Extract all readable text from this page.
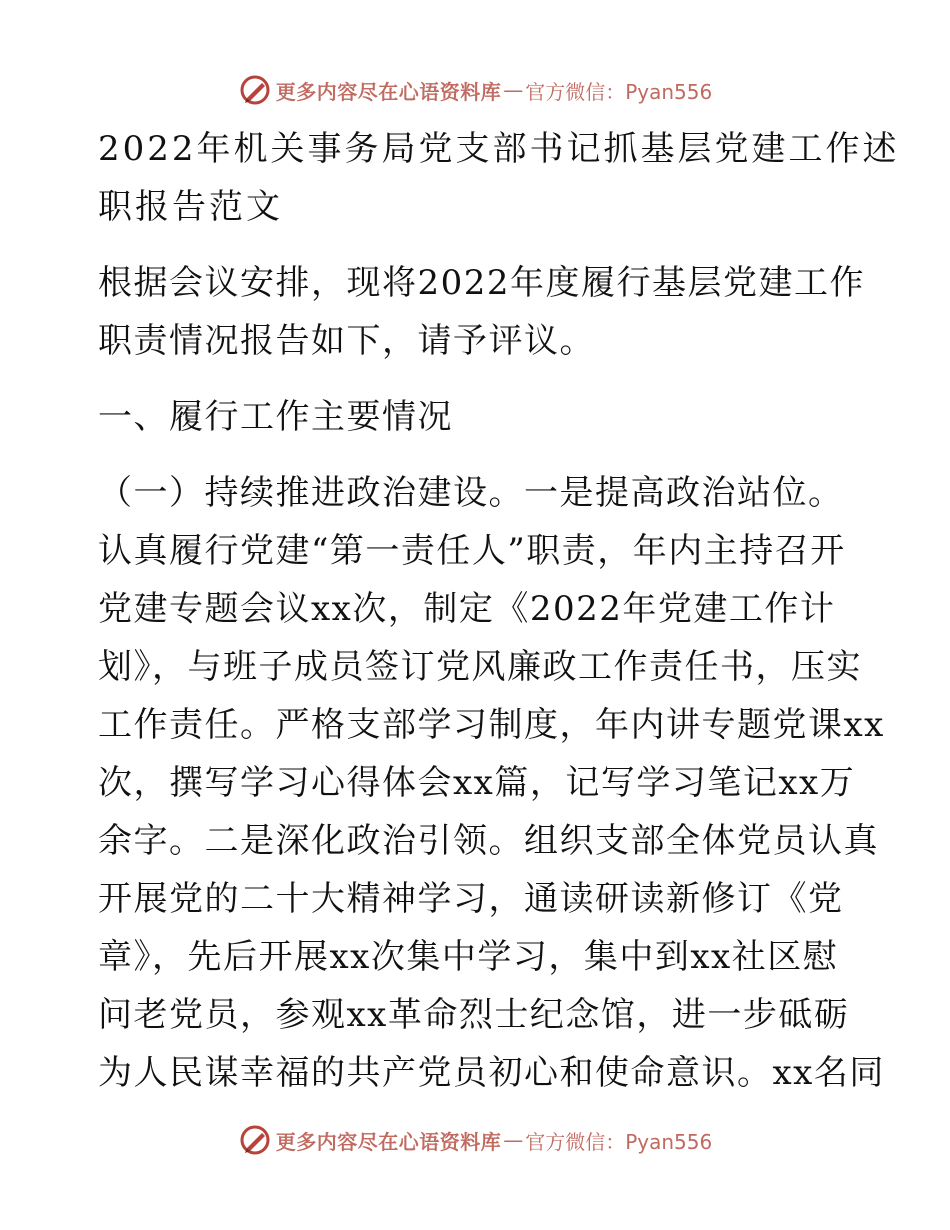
更多内容尽在心语资料库 — 官方微信：Pyan556
2022年机关事务局党支部书记抓基层党建工作述
职报告范文
根据会议安排，现将2022年度履行基层党建工作
职责情况报告如下，请予评议。
一、履行工作主要情况
（一）持续推进政治建设。一是提高政治站位。
认真履行党建“第一责任人”职责，年内主持召开
党建专题会议xx次，制定《2022年党建工作计
划》，与班子成员签订党风廉政工作责任书，压实
工作责任。严格支部学习制度，年内讲专题党课xx
次，撰写学习心得体会xx篇，记写学习笔记xx万
余字。二是深化政治引领。组织支部全体党员认真
开展党的二十大精神学习，通读研读新修订《党
章》，先后开展xx次集中学习，集中到xx社区慰
问老党员，参观xx革命烈士纪念馆，进一步砥砺
为人民谋幸福的共产党员初心和使命意识。xx名同
更多内容尽在心语资料库 — 官方微信：Pyan556
